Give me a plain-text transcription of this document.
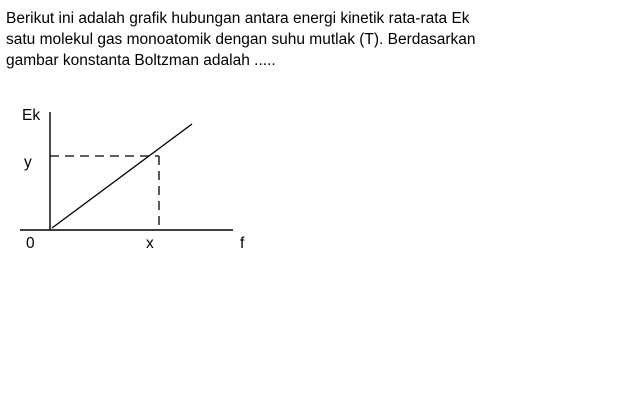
Berikut ini adalah grafik hubungan antara energi kinetik rata-rata Ek satu molekul gas monoatomik dengan suhu mutlak (T). Berdasarkan gambar konstanta Boltzman adalah .....
Ek
y
0	x	f
